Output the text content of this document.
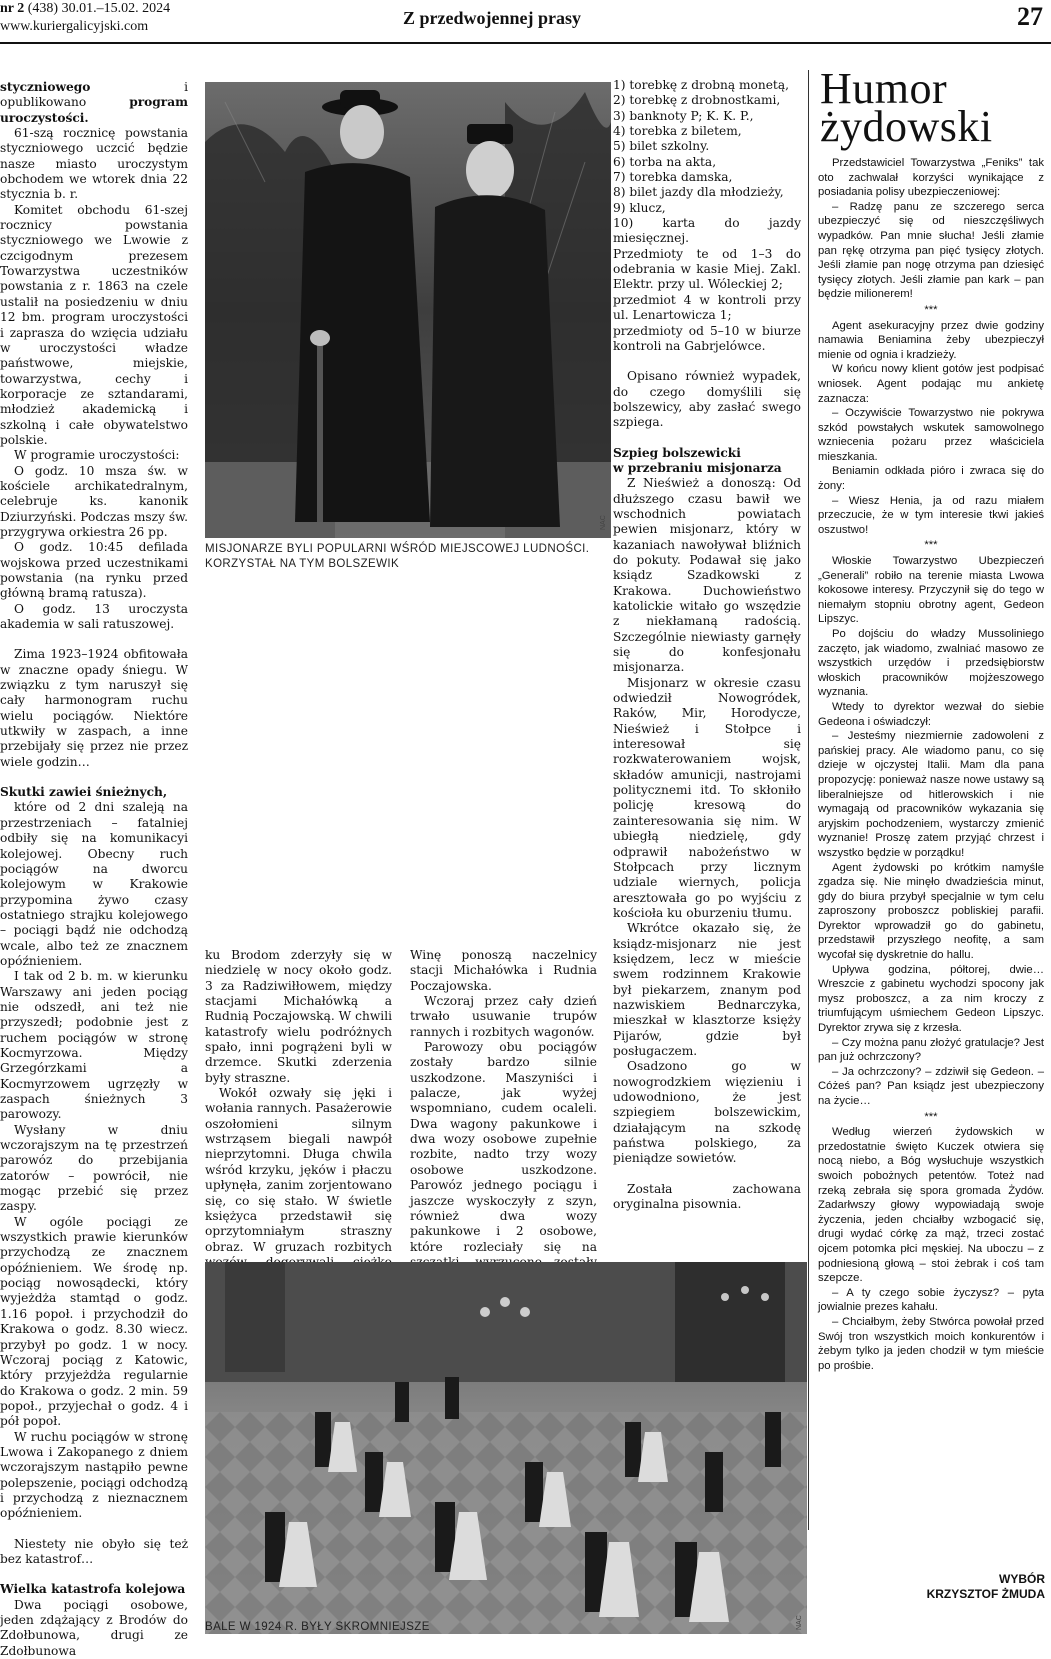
nr 2 (438) 30.01.–15.02. 2024
www.kuriergalicyjski.com	Z przedwojennej prasy	27

styczniowego i opublikowano program uroczystości.

61-szą rocznicę powstania styczniowego uczcić będzie nasze miasto uroczystym obchodem we wtorek dnia 22 stycznia b. r.

Komitet obchodu 61-szej rocznicy powstania styczniowego we Lwowie z czcigodnym prezesem Towarzystwa uczestników powstania z r. 1863 na czele ustalił na posiedzeniu w dniu 12 bm. program uroczystości i zaprasza do wzięcia udziału w uroczystości władze państwowe, miejskie, towarzystwa, cechy i korporacje ze sztandarami, młodzież akademicką i szkolną i całe obywatelstwo polskie.

W programie uroczystości:

O godz. 10 msza św. w kościele archikatedralnym, celebruje ks. kanonik Dziurzyński. Podczas mszy św. przygrywa orkiestra 26 pp.

O godz. 10:45 defilada wojskowa przed uczestnikami powstania (na rynku przed główną bramą ratusza).

O godz. 13 uroczysta akademia w sali ratuszowej.

Zima 1923–1924 obfitowała w znaczne opady śniegu. W związku z tym naruszył się cały harmonogram ruchu wielu pociągów. Niektóre utkwiły w zaspach, a inne przebijały się przez nie przez wiele godzin…

Skutki zawiei śnieżnych,

które od 2 dni szaleją na przestrzeniach – fatalniej odbiły się na komunikacyi kolejowej. Obecny ruch pociągów na dworcu kolejowym w Krakowie przypomina żywo czasy ostatniego strajku kolejowego – pociągi bądź nie odchodzą wcale, albo też ze znacznem opóźnieniem.

I tak od 2 b. m. w kierunku Warszawy ani jeden pociąg nie odszedł, ani też nie przyszedł; podobnie jest z ruchem pociągów w stronę Kocmyrzowa. Między Grzegórzkami a Kocmyrzowem ugrzęzły w zaspach śnieżnych 3 parowozy.

Wysłany w dniu wczorajszym na tę przestrzeń parowóz do przebijania zatorów – powrócił, nie mogąc przebić się przez zaspy.

W ogóle pociągi ze wszystkich prawie kierunków przychodzą ze znacznem opóźnieniem. We środę np. pociąg nowosądecki, który wyjeżdża stamtąd o godz. 1.16 popoł. i przychodził do Krakowa o godz. 8.30 wiecz. przybył po godz. 1 w nocy. Wczoraj pociąg z Katowic, który przyjeżdża regularnie do Krakowa o godz. 2 min. 59 popoł., przyjechał o godz. 4 i pół popoł.

W ruchu pociągów w stronę Lwowa i Zakopanego z dniem wczorajszym nastąpiło pewne polepszenie, pociągi odchodzą i przychodzą z nieznacznem opóźnieniem.

Niestety nie obyło się też bez katastrof…

Wielka katastrofa kolejowa

Dwa pociągi osobowe, jeden zdążający z Brodów do Zdołbunowa, drugi ze Zdołbunowa

NAC
MISJONARZE BYLI POPULARNI WŚRÓD MIEJSCOWEJ LUDNOŚCI. KORZYSTAŁ NA TYM BOLSZEWIK

ku Brodom zderzyły się w niedzielę w nocy około godz. 3 za Radziwiłłowem, między stacjami Michałówką a Rudnią Poczajowską. W chwili katastrofy wielu podróżnych spało, inni pogrążeni byli w drzemce. Skutki zderzenia były straszne.

Wokół ozwały się jęki i wołania rannych. Pasażerowie oszołomieni silnym wstrząsem biegali nawpół nieprzytomni. Długa chwila wśród krzyku, jęków i płaczu upłynęła, zanim zorjentowano się, co się stało. W świetle księżyca przedstawił się oprzytomniałym straszny obraz. W gruzach rozbitych

Winę ponoszą naczelnicy stacji Michałówka i Rudnia Poczajowska.

Wczoraj przez cały dzień trwało usuwanie trupów rannych i rozbitych wagonów.

Parowozy obu pociągów zostały bardzo silnie uszkodzone. Maszyniści i palacze, jak wyżej wspomniano, cudem ocaleli. Dwa wagony pakunkowe i dwa wozy osobowe zupełnie rozbite, nadto trzy wozy osobowe uszkodzone. Parowóz jednego pociągu i jaszcze wyskoczyły z szyn, również dwa wozy pakunkowe i 2 osobowe, które rozleciały się na

1) torebkę z drobną monetą,
2) torebkę z drobnostkami,
3) banknoty P; K. K. P.,
4) torebka z biletem,
5) bilet szkolny.
6) torba na akta,
7) torebka damska,
8) bilet jazdy dla młodzieży,
9) klucz,
10) karta do jazdy miesięcznej.

Przedmioty te od 1–3 do odebrania w kasie Miej. Zakl. Elektr. przy ul. Wóleckiej 2;

przedmiot 4 w kontroli przy ul. Lenartowicza 1;

przedmioty od 5–10 w biurze kontroli na Gabrjelówce.

Opisano również wypadek, do czego domyślili się bolszewicy, aby zasłać swego szpiega.

Szpieg bolszewicki
w przebraniu misjonarza

Z Nieśwież a donoszą: Od dłuższego czasu bawił we wschodnich powiatach pewien misjonarz, który w kazaniach nawoływał bliźnich do pokuty. Podawał się jako ksiądz Szadkowski z Krakowa. Duchowieństwo katolickie witało go wszędzie z niekłamaną radością. Szczególnie niewiasty garnęły się do konfesjonału misjonarza.

Misjonarz w okresie czasu odwiedził Nowogródek, Raków, Mir, Horodycze, Nieśwież i Stołpce i interesował się rozkwaterowaniem wojsk, składów amunicji, nastrojami politycznemi itd. To skłoniło policję kresową do zainteresowania się nim. W ubiegłą niedzielę, gdy odprawił nabożeństwo w Stołpcach przy licznym udziale wiernych, policja aresztowała go po wyjściu z kościoła ku oburzeniu tłumu.

Wkrótce okazało się, że ksiądz-misjonarz nie jest księdzem, lecz w mieście swem rodzinnem Krakowie był piekarzem, znanym pod nazwiskiem Bednarczyka, mieszkał w klasztorze księży Pijarów, gdzie był posługaczem.

Osadzono go w nowogrodzkiem więzieniu i udowodniono, że jest szpiegiem bolszewickim, działającym na szkodę państwa polskiego, za pieniądze sowietów.

Została zachowana oryginalna pisownia.

Humor
żydowski

Przedstawiciel Towarzystwa „Feniks” tak oto zachwalał korzyści wynikające z posiadania polisy ubezpieczeniowej:

– Radzę panu ze szczerego serca ubezpieczyć się od nieszczęśliwych wypadków. Pan mnie słucha! Jeśli złamie pan rękę otrzyma pan pięć tysięcy złotych. Jeśli złamie pan nogę otrzyma pan dziesięć tysięcy złotych. Jeśli złamie pan kark – pan będzie milionerem!

***

Agent asekuracyjny przez dwie godziny namawia Beniamina żeby ubezpieczył mienie od ognia i kradzieży.

W końcu nowy klient gotów jest podpisać wniosek. Agent podając mu ankietę zaznacza:

– Oczywiście Towarzystwo nie pokrywa szkód powstałych wskutek samowolnego wzniecenia pożaru przez właściciela mieszkania.

Beniamin odkłada pióro i zwraca się do żony:

– Wiesz Henia, ja od razu miałem przeczucie, że w tym interesie tkwi jakieś oszustwo!

***

Włoskie Towarzystwo Ubezpieczeń „Generali” robiło na terenie miasta Lwowa kokosowe interesy. Przyczynił się do tego w niemałym stopniu obrotny agent, Gedeon Lipszyc.

Po dojściu do władzy Mussoliniego zaczęto, jak wiadomo, zwalniać masowo ze wszystkich urzędów i przedsiębiorstw włoskich pracowników mojżeszowego wyznania.

Wtedy to dyrektor wezwał do siebie Gedeona i oświadczył:

– Jesteśmy niezmiernie zadowoleni z pańskiej pracy. Ale wiadomo panu, co się dzieje w ojczystej Italii. Mam dla pana propozycję: ponieważ nasze nowe ustawy są liberalniejsze od hitlerowskich i nie wymagają od pracowników wykazania się aryjskim pochodzeniem, wystarczy zmienić wyznanie! Proszę zatem przyjąć chrzest i wszystko będzie w porządku!

Agent żydowski po krótkim namyśle zgadza się. Nie minęło dwadzieścia minut, gdy do biura przybył specjalnie w tym celu zaproszony proboszcz pobliskiej parafii. Dyrektor wprowadził go do gabinetu, przedstawił przyszłego neofitę, a sam wycofał się dyskretnie do hallu.

Upływa godzina, półtorej, dwie… Wreszcie z gabinetu wychodzi spocony jak mysz proboszcz, a za nim kroczy z triumfującym uśmiechem Gedeon Lipszyc. Dyrektor zrywa się z krzesła.

– Czy można panu złożyć gratulacje? Jest pan już ochrzczony?

– Ja ochrzczony? – zdziwił się Gedeon. – Cóżeś pan? Pan ksiądz jest ubezpieczony na życie…

***

Według wierzeń żydowskich w przedostatnie święto Kuczek otwiera się nocą niebo, a Bóg wysłuchuje wszystkich swoich pobożnych petentów. Toteż nad rzeką zebrała się spora gromada Żydów. Zadarłwszy głowy wypowiadają swoje życzenia, jeden chciałby wzbogacić się, drugi wydać córkę za mąż, trzeci zostać ojcem potomka płci męskiej. Na uboczu – z podniesioną głową – stoi żebrak i coś tam szepcze.

– A ty czego sobie życzysz? – pyta jowialnie prezes kahału.

– Chciałbym, żeby Stwórca powołał przed Swój tron wszystkich moich konkurentów i żebym tylko ja jeden chodził w tym mieście po prośbie.

WYBÓR
KRZYSZTOF ŻMUDA
NAC
BALE W 1924 R. BYŁY SKROMNIEJSZE
